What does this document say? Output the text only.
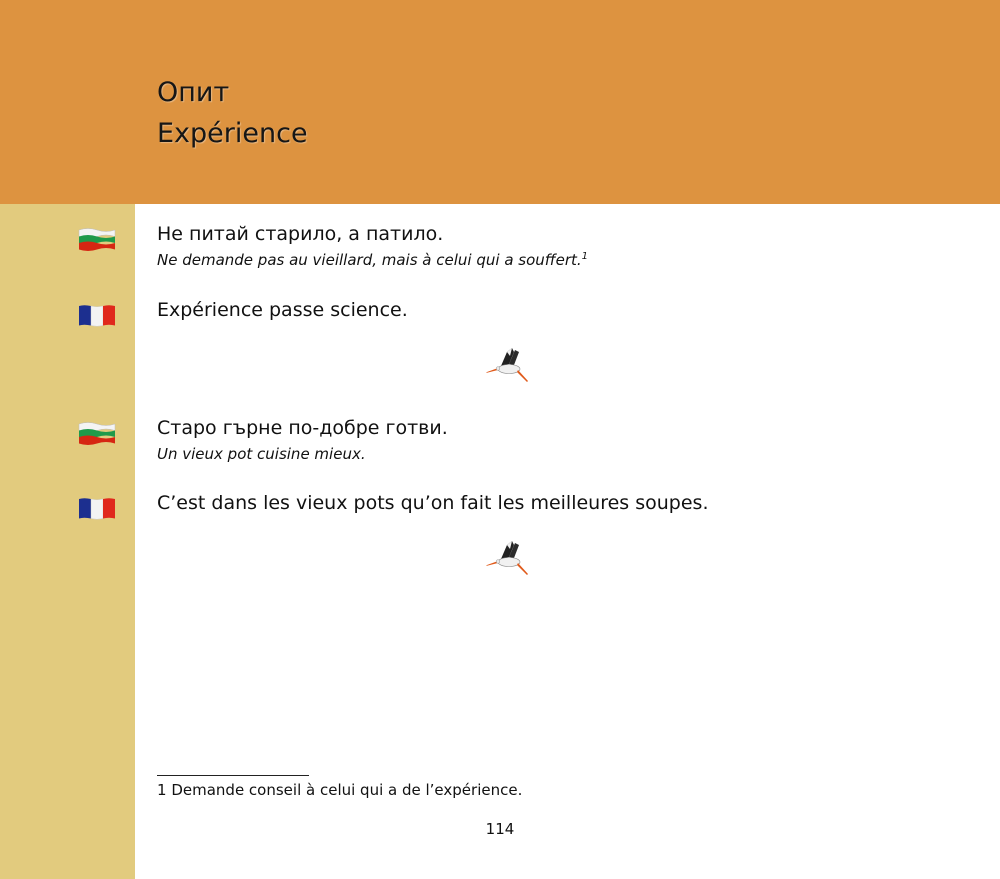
Опит
Expérience

Не питай старило, а патило.

Ne demande pas au vieillard, mais à celui qui a souffert.$^1$

Expérience passe science.

Старо гърне по-добре готви.

Un vieux pot cuisine mieux.

C’est dans les vieux pots qu’on fait les meilleures soupes.

1 Demande conseil à celui qui a de l’expérience.

114
